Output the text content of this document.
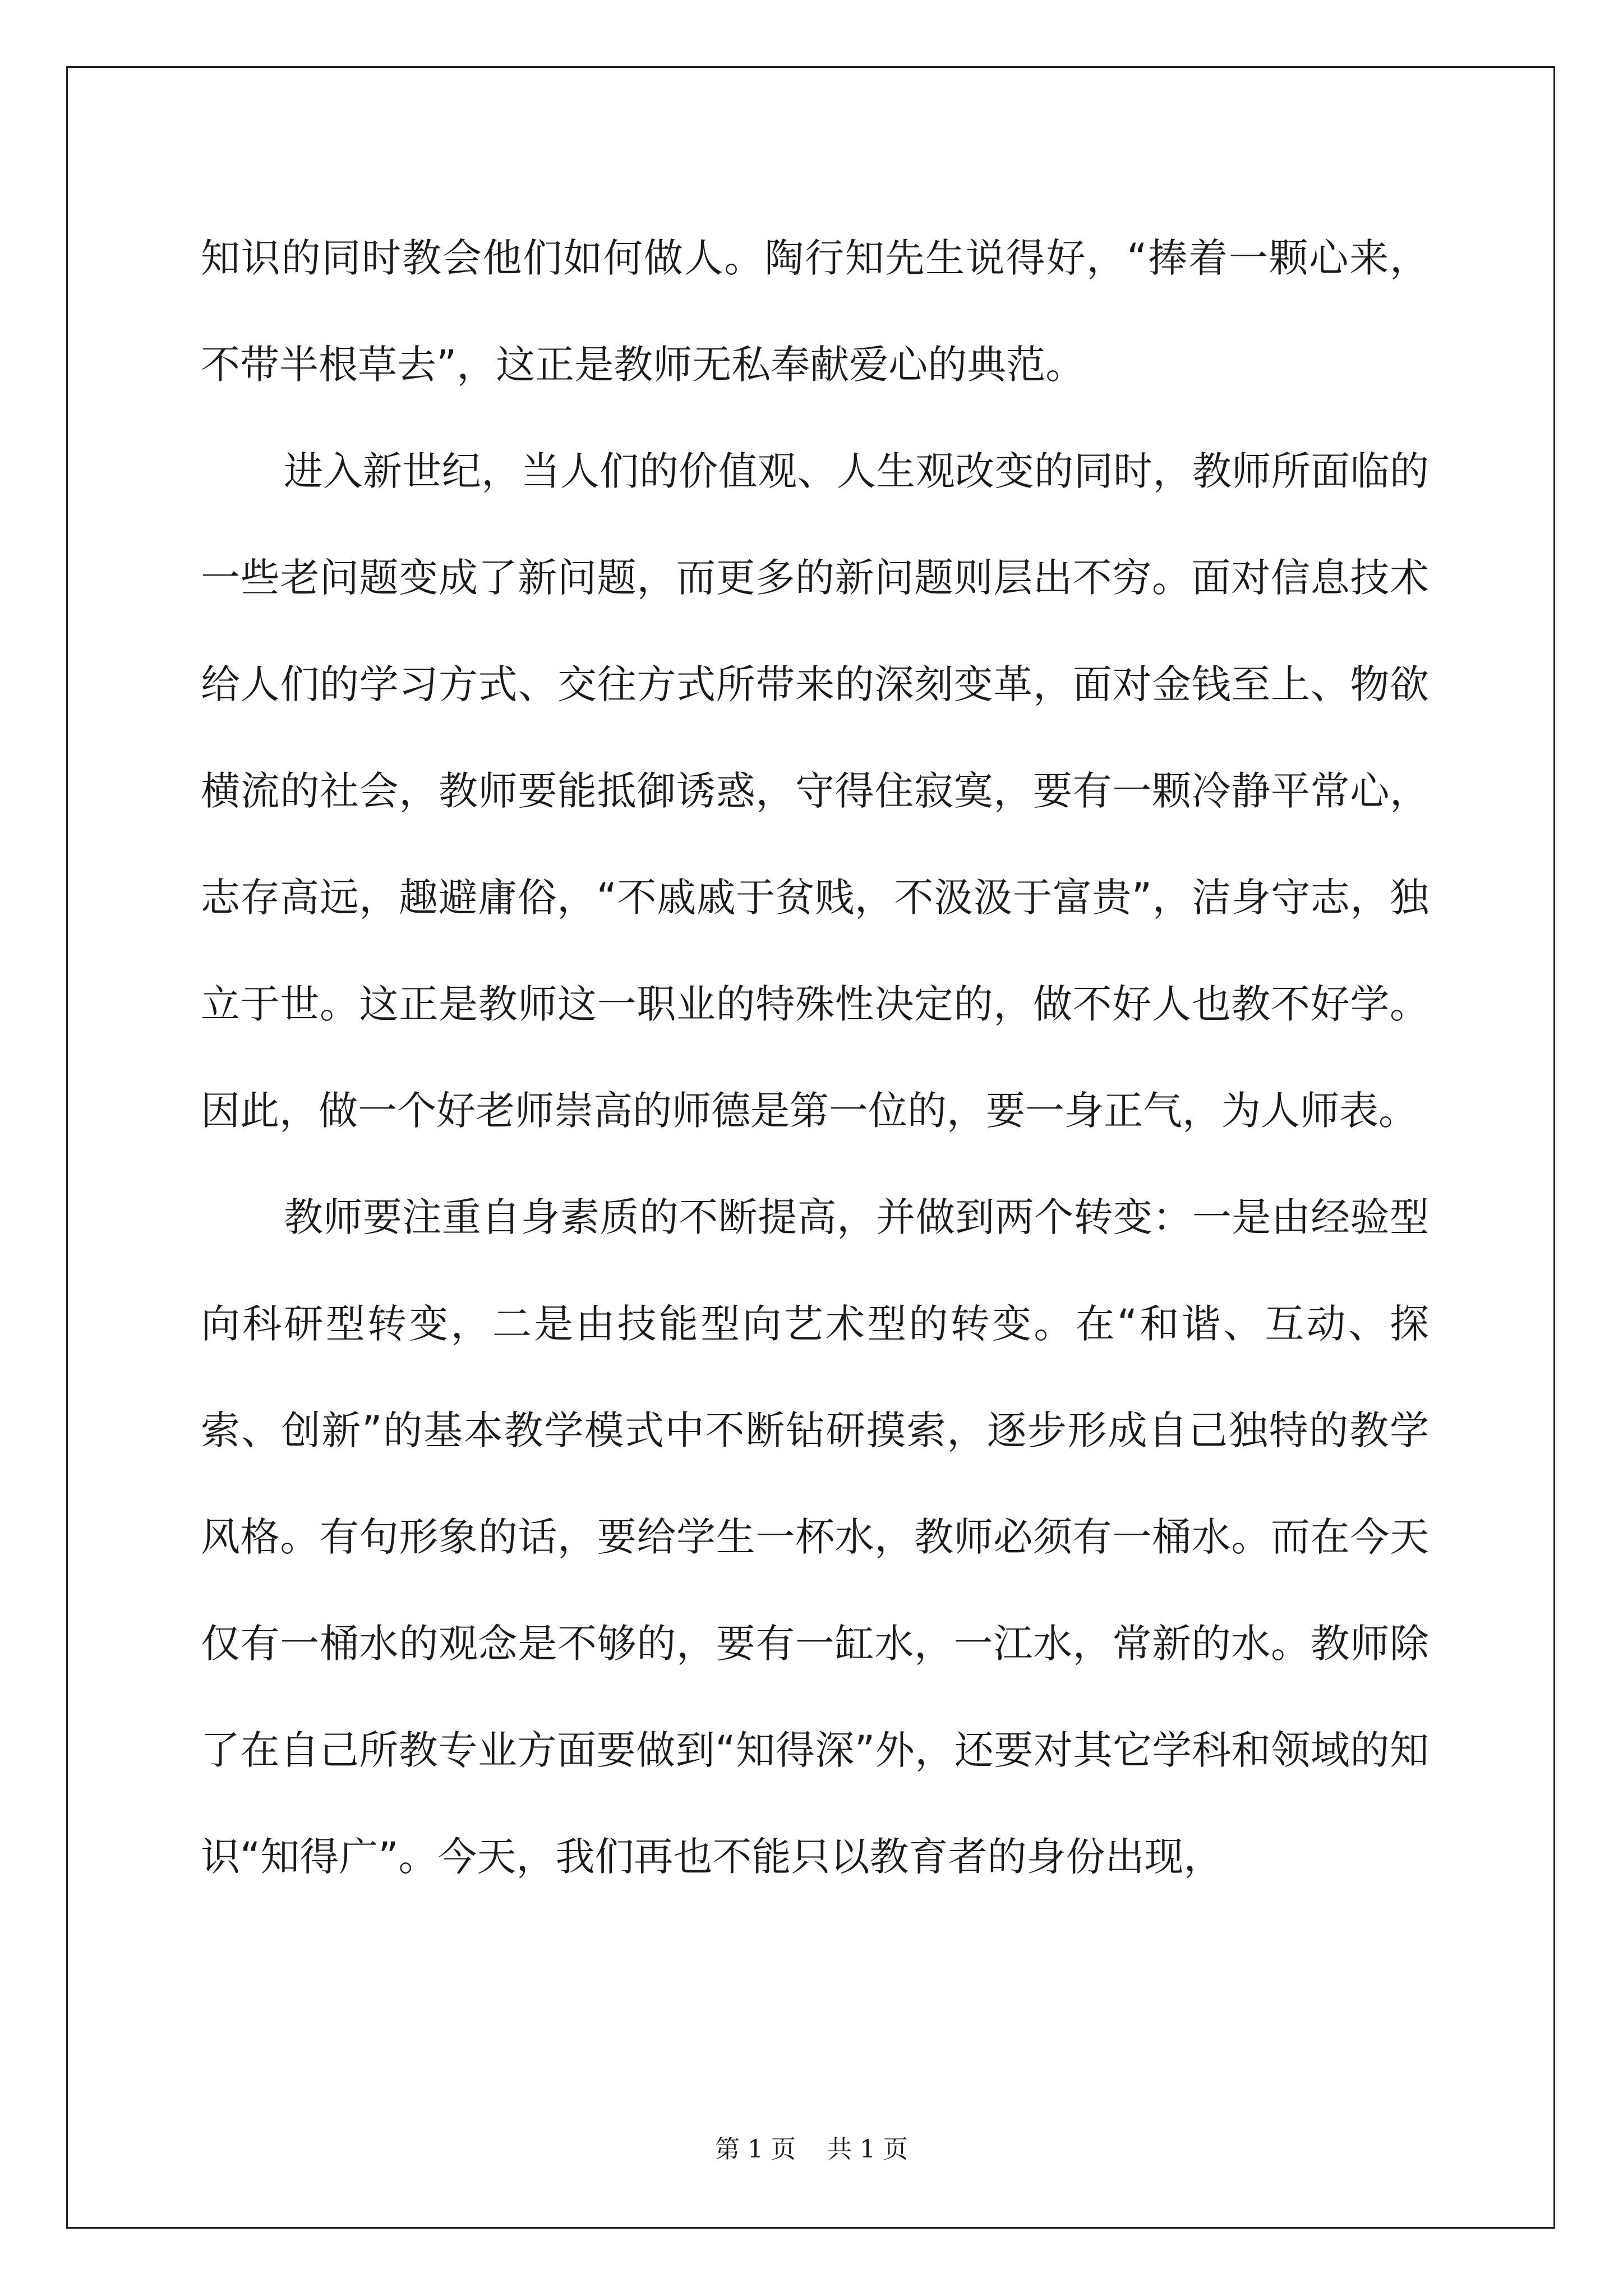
知识的同时教会他们如何做人。陶行知先生说得好，“捧着一颗心来，不带半根草去”，这正是教师无私奉献爱心的典范。

进入新世纪，当人们的价值观、人生观改变的同时，教师所面临的一些老问题变成了新问题，而更多的新问题则层出不穷。面对信息技术给人们的学习方式、交往方式所带来的深刻变革，面对金钱至上、物欲横流的社会，教师要能抵御诱惑，守得住寂寞，要有一颗冷静平常心，志存高远，趣避庸俗，“不戚戚于贫贱，不汲汲于富贵”，洁身守志，独立于世。这正是教师这一职业的特殊性决定的，做不好人也教不好学。因此，做一个好老师崇高的师德是第一位的，要一身正气，为人师表。

教师要注重自身素质的不断提高，并做到两个转变：一是由经验型向科研型转变，二是由技能型向艺术型的转变。在“和谐、互动、探索、创新”的基本教学模式中不断钻研摸索，逐步形成自己独特的教学风格。有句形象的话，要给学生一杯水，教师必须有一桶水。而在今天仅有一桶水的观念是不够的，要有一缸水，一江水，常新的水。教师除了在自己所教专业方面要做到“知得深”外，还要对其它学科和领域的知识“知得广”。今天，我们再也不能只以教育者的身份出现，

第 1 页    共 1 页
